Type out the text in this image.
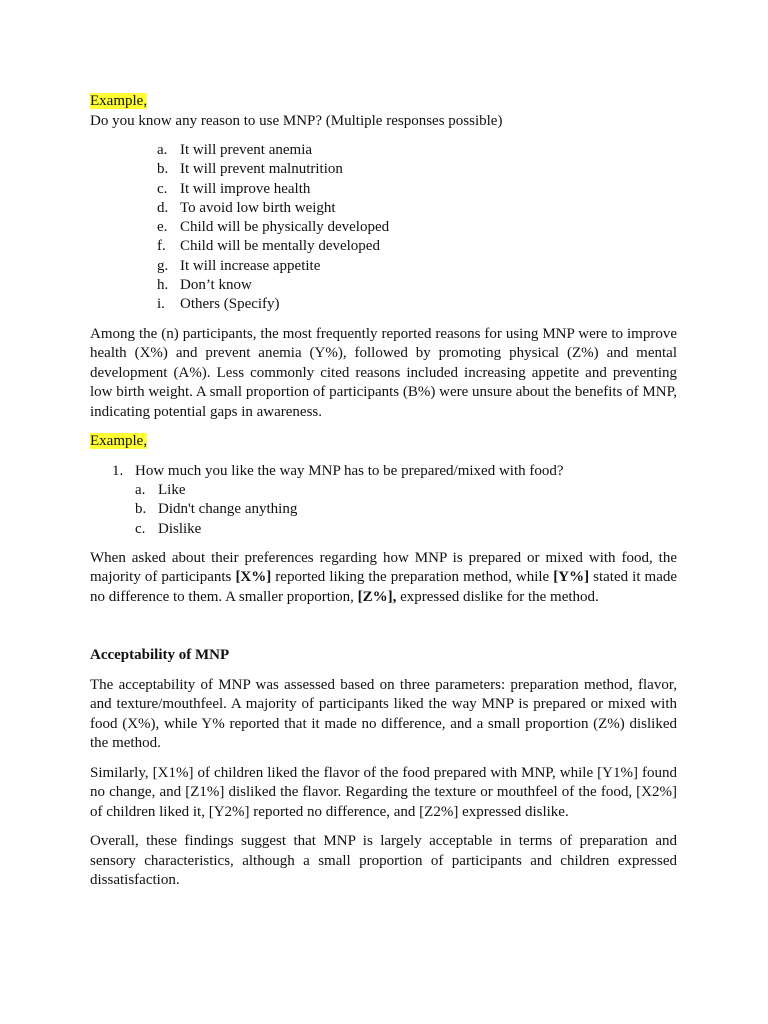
Example,

Do you know any reason to use MNP? (Multiple responses possible)

a. It will prevent anemia
b. It will prevent malnutrition
c. It will improve health
d. To avoid low birth weight
e. Child will be physically developed
f. Child will be mentally developed
g. It will increase appetite
h. Don’t know
i. Others (Specify)

Among the (n) participants, the most frequently reported reasons for using MNP were to improve health (X%) and prevent anemia (Y%), followed by promoting physical (Z%) and mental development (A%). Less commonly cited reasons included increasing appetite and preventing low birth weight. A small proportion of participants (B%) were unsure about the benefits of MNP, indicating potential gaps in awareness.

Example,

1. How much you like the way MNP has to be prepared/mixed with food?
a. Like
b. Didn't change anything
c. Dislike

When asked about their preferences regarding how MNP is prepared or mixed with food, the majority of participants [X%] reported liking the preparation method, while [Y%] stated it made no difference to them. A smaller proportion, [Z%], expressed dislike for the method.

Acceptability of MNP

The acceptability of MNP was assessed based on three parameters: preparation method, flavor, and texture/mouthfeel. A majority of participants liked the way MNP is prepared or mixed with food (X%), while Y% reported that it made no difference, and a small proportion (Z%) disliked the method.

Similarly, [X1%] of children liked the flavor of the food prepared with MNP, while [Y1%] found no change, and [Z1%] disliked the flavor. Regarding the texture or mouthfeel of the food, [X2%] of children liked it, [Y2%] reported no difference, and [Z2%] expressed dislike.

Overall, these findings suggest that MNP is largely acceptable in terms of preparation and sensory characteristics, although a small proportion of participants and children expressed dissatisfaction.
